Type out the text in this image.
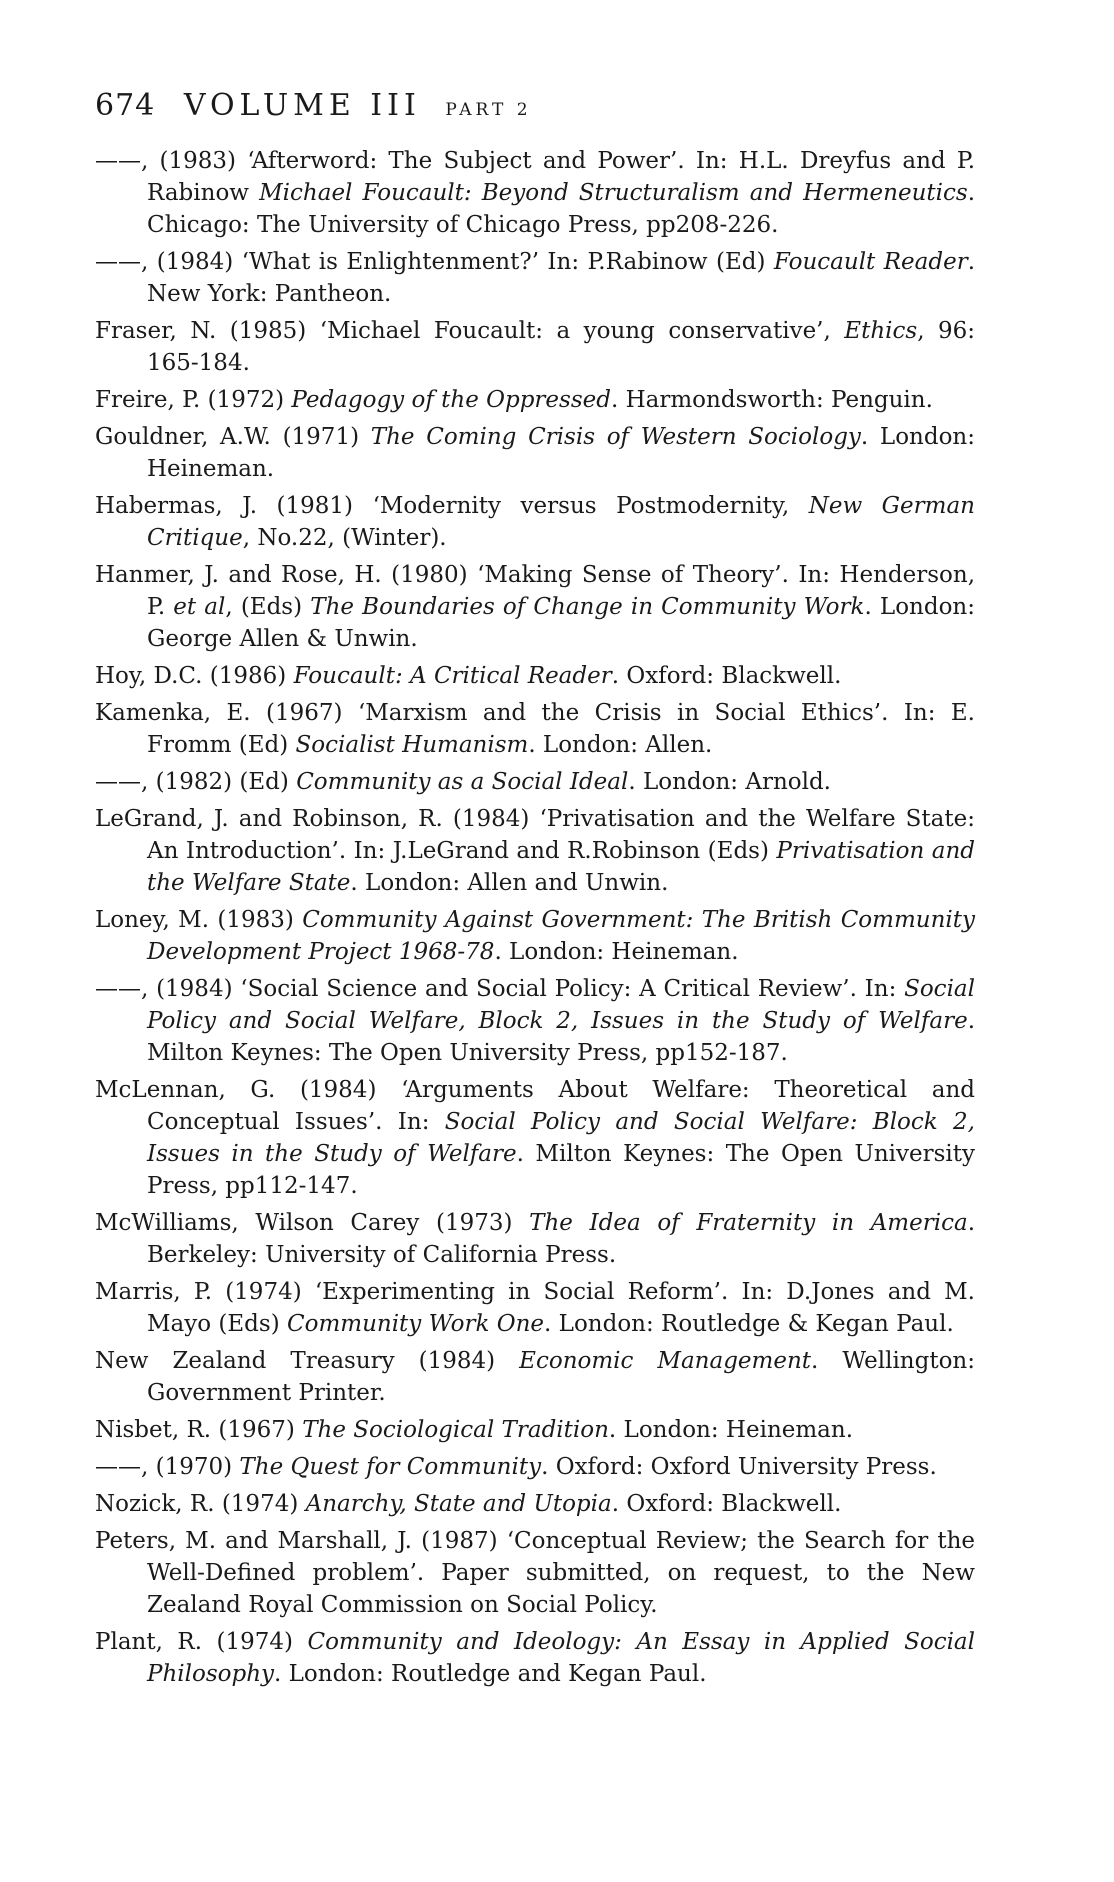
674 VOLUME III PART 2
——, (1983) ‘Afterword: The Subject and Power’. In: H.L. Dreyfus and P. Rabinow Michael Foucault: Beyond Structuralism and Hermeneutics. Chicago: The University of Chicago Press, pp208-226.
——, (1984) ‘What is Enlightenment?’ In: P.Rabinow (Ed) Foucault Reader. New York: Pantheon.
Fraser, N. (1985) ‘Michael Foucault: a young conservative’, Ethics, 96: 165-184.
Freire, P. (1972) Pedagogy of the Oppressed. Harmondsworth: Penguin.
Gouldner, A.W. (1971) The Coming Crisis of Western Sociology. London: Heineman.
Habermas, J. (1981) ‘Modernity versus Postmodernity, New German Critique, No.22, (Winter).
Hanmer, J. and Rose, H. (1980) ‘Making Sense of Theory’. In: Henderson, P. et al, (Eds) The Boundaries of Change in Community Work. London: George Allen & Unwin.
Hoy, D.C. (1986) Foucault: A Critical Reader. Oxford: Blackwell.
Kamenka, E. (1967) ‘Marxism and the Crisis in Social Ethics’. In: E. Fromm (Ed) Socialist Humanism. London: Allen.
——, (1982) (Ed) Community as a Social Ideal. London: Arnold.
LeGrand, J. and Robinson, R. (1984) ‘Privatisation and the Welfare State: An Introduction’. In: J.LeGrand and R.Robinson (Eds) Privatisation and the Welfare State. London: Allen and Unwin.
Loney, M. (1983) Community Against Government: The British Community Development Project 1968-78. London: Heineman.
——, (1984) ‘Social Science and Social Policy: A Critical Review’. In: Social Policy and Social Welfare, Block 2, Issues in the Study of Welfare. Milton Keynes: The Open University Press, pp152-187.
McLennan, G. (1984) ‘Arguments About Welfare: Theoretical and Conceptual Issues’. In: Social Policy and Social Welfare: Block 2, Issues in the Study of Welfare. Milton Keynes: The Open University Press, pp112-147.
McWilliams, Wilson Carey (1973) The Idea of Fraternity in America. Berkeley: University of California Press.
Marris, P. (1974) ‘Experimenting in Social Reform’. In: D.Jones and M. Mayo (Eds) Community Work One. London: Routledge & Kegan Paul.
New Zealand Treasury (1984) Economic Management. Wellington: Government Printer.
Nisbet, R. (1967) The Sociological Tradition. London: Heineman.
——, (1970) The Quest for Community. Oxford: Oxford University Press.
Nozick, R. (1974) Anarchy, State and Utopia. Oxford: Blackwell.
Peters, M. and Marshall, J. (1987) ‘Conceptual Review; the Search for the Well-Defined problem’. Paper submitted, on request, to the New Zealand Royal Commission on Social Policy.
Plant, R. (1974) Community and Ideology: An Essay in Applied Social Philosophy. London: Routledge and Kegan Paul.
